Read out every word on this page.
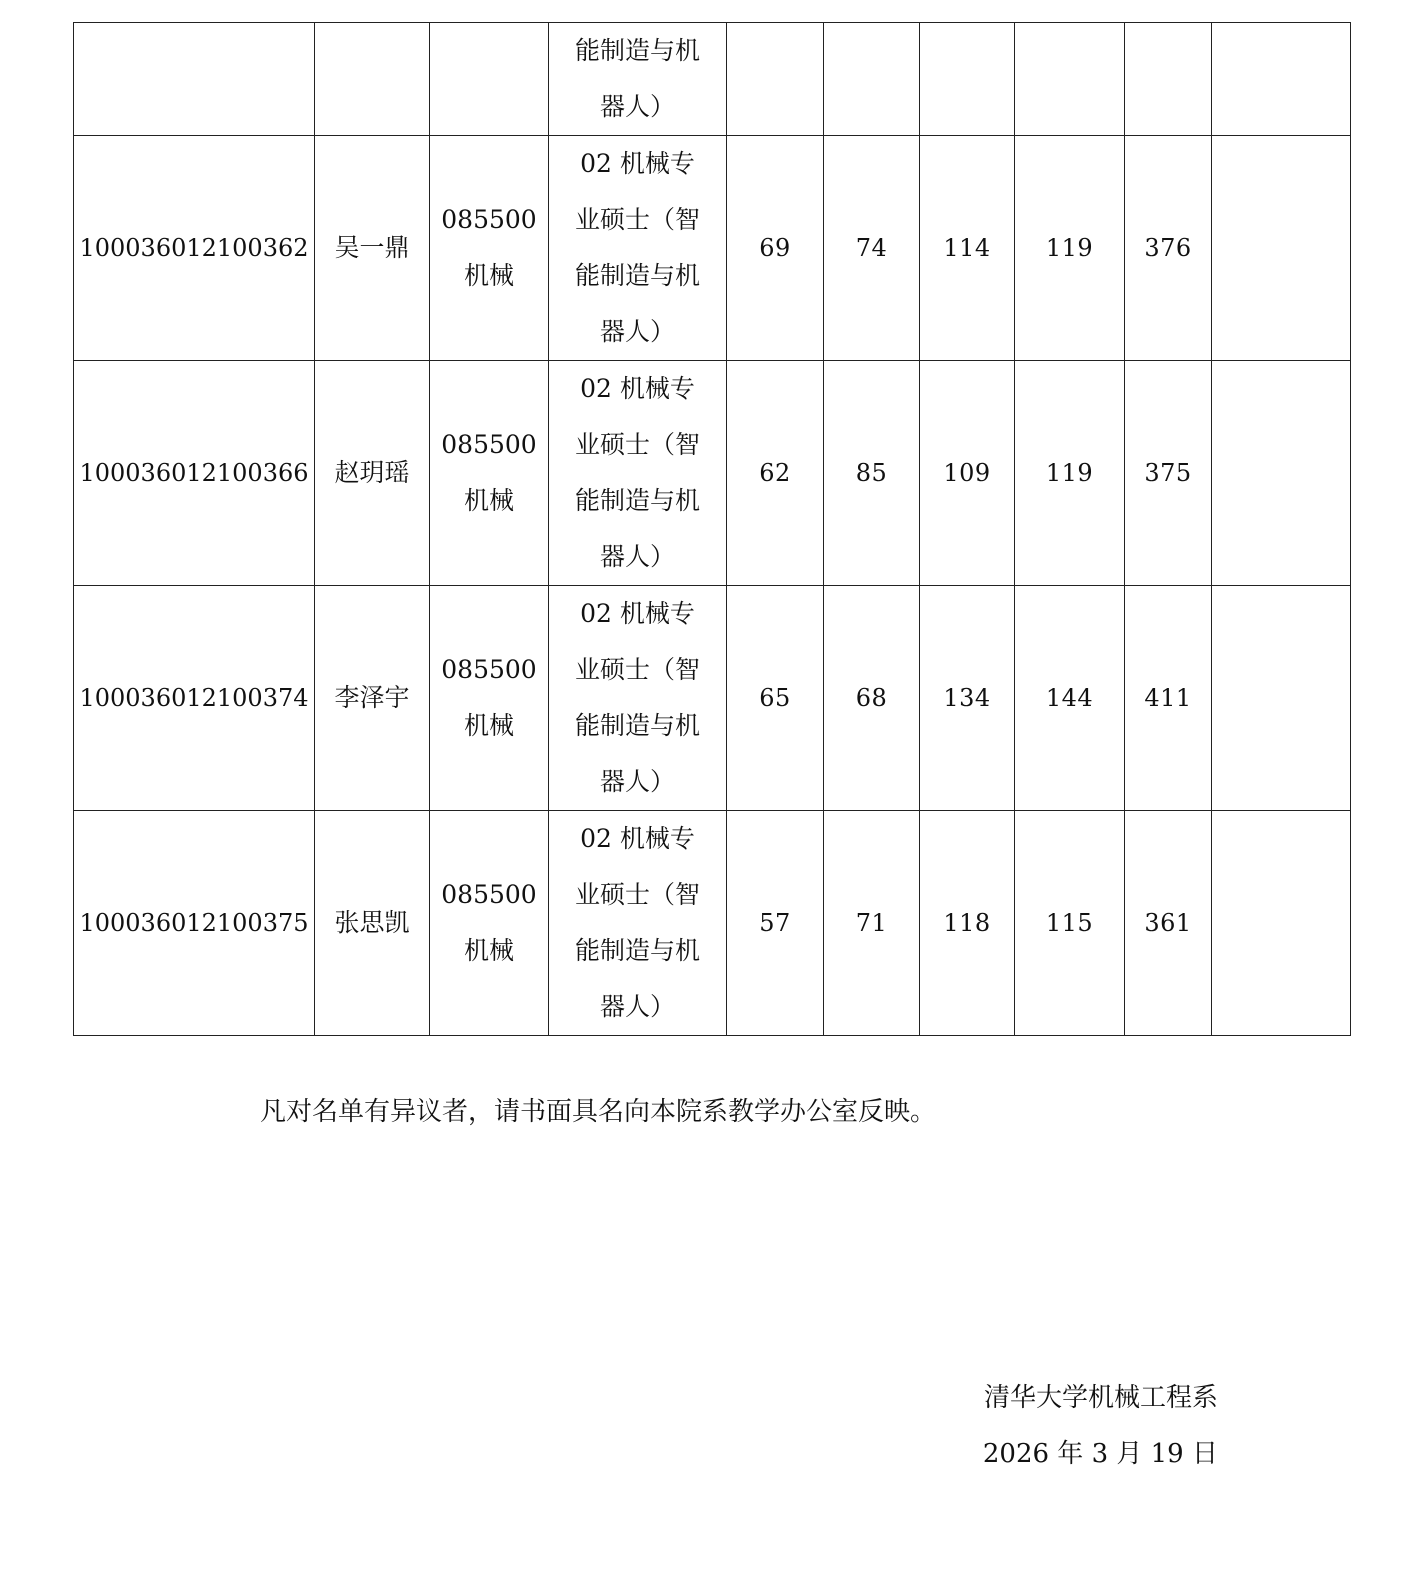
			能制造与机
器人）						

100036012100362	吴一鼎	085500
机械	02 机械专
业硕士（智
能制造与机
器人）	69	74	114	119	376	
100036012100366	赵玥瑶	085500
机械	02 机械专
业硕士（智
能制造与机
器人）	62	85	109	119	375	
100036012100374	李泽宇	085500
机械	02 机械专
业硕士（智
能制造与机
器人）	65	68	134	144	411	
100036012100375	张思凯	085500
机械	02 机械专
业硕士（智
能制造与机
器人）	57	71	118	115	361	
凡对名单有异议者，请书面具名向本院系教学办公室反映。
清华大学机械工程系
2026 年 3 月 19 日
